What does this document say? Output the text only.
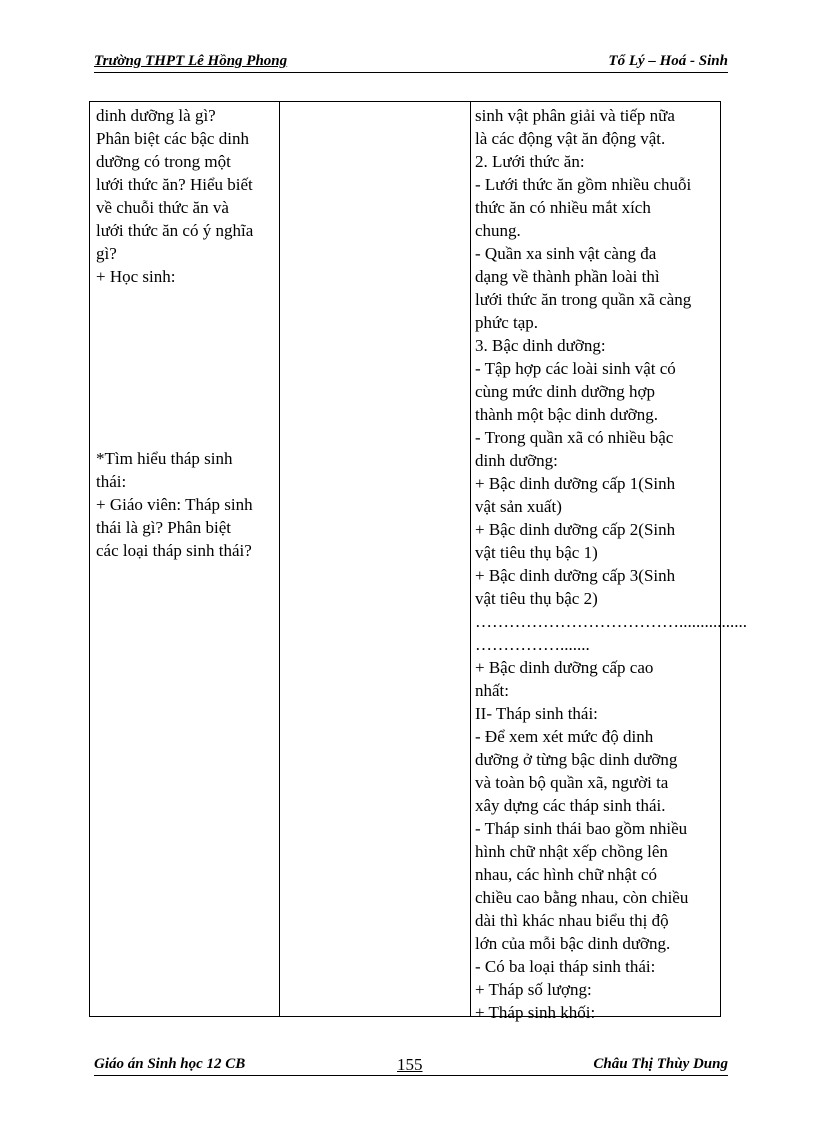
Trường THPT Lê Hồng Phong	Tổ Lý – Hoá - Sinh
dinh dưỡng là gì?
Phân biệt các bậc dinh
dưỡng có trong một
lưới thức ăn? Hiểu biết
về chuỗi thức ăn và
lưới thức ăn có ý nghĩa
gì?
+ Học sinh:
*Tìm hiểu tháp sinh
thái:
+ Giáo viên: Tháp sinh
thái là gì? Phân biệt
các loại tháp sinh thái?
sinh vật phân giải và tiếp nữa
là các động vật ăn động vật.
2. Lưới thức ăn:
- Lưới thức ăn gồm nhiều chuỗi
thức ăn có nhiều mắt xích
chung.
- Quần xa sinh vật càng đa
dạng về thành phần loài thì
lưới thức ăn trong quần xã càng
phức tạp.
3. Bậc dinh dưỡng:
- Tập hợp các loài sinh vật có
cùng mức dinh dưỡng hợp
thành một bậc dinh dưỡng.
- Trong quần xã có nhiều bậc
dinh dưỡng:
+ Bậc dinh dưỡng cấp 1(Sinh
vật sản xuất)
+ Bậc dinh dưỡng cấp 2(Sinh
vật tiêu thụ bậc 1)
+ Bậc dinh dưỡng cấp 3(Sinh
vật tiêu thụ bậc 2)
………………………………................
…………….......
+ Bậc dinh dưỡng cấp cao
nhất:
II- Tháp sinh thái:
- Để xem xét mức độ dinh
dưỡng ở từng bậc dinh dưỡng
và toàn bộ quần xã, người ta
xây dựng các tháp sinh thái.
- Tháp sinh thái bao gồm nhiều
hình chữ nhật xếp chồng lên
nhau, các hình chữ nhật có
chiều cao bằng nhau, còn chiều
dài thì khác nhau biểu thị độ
lớn của mỗi bậc dinh dưỡng.
- Có ba loại tháp sinh thái:
+ Tháp số lượng:
+ Tháp sinh khối:
Giáo án Sinh học 12 CB	155	Châu Thị Thùy Dung
